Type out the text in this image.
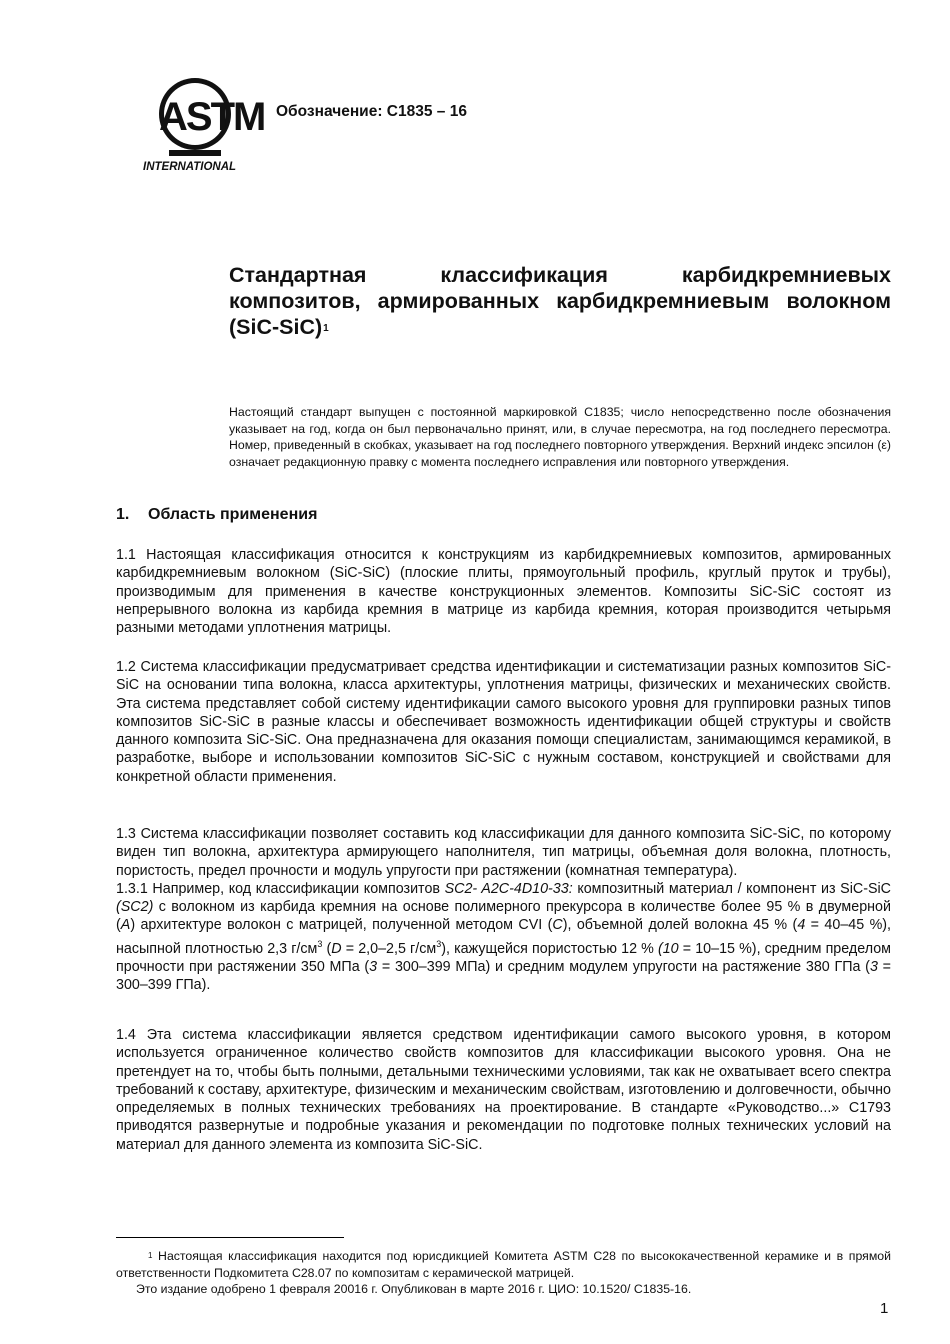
ASTM
INTERNATIONAL
Обозначение: C1835 – 16
Стандартная классификация карбидкремниевых композитов, армированных карбидкремниевым волокном $(SiC-SiC)^1$
Настоящий стандарт выпущен с постоянной маркировкой C1835; число непосредственно после обозначения указывает на год, когда он был первоначально принят, или, в случае пересмотра, на год последнего пересмотра. Номер, приведенный в скобках, указывает на год последнего повторного утверждения. Верхний индекс эпсилон (ε) означает редакционную правку с момента последнего исправления или повторного утверждения.
1. Область применения
1.1 Настоящая классификация относится к конструкциям из карбидкремниевых композитов, армированных карбидкремниевым волокном (SiC-SiC) (плоские плиты, прямоугольный профиль, круглый пруток и трубы), производимым для применения в качестве конструкционных элементов. Композиты SiC-SiC состоят из непрерывного волокна из карбида кремния в матрице из карбида кремния, которая производится четырьмя разными методами уплотнения матрицы.
1.2 Система классификации предусматривает средства идентификации и систематизации разных композитов SiC-SiC на основании типа волокна, класса архитектуры, уплотнения матрицы, физических и механических свойств. Эта система представляет собой систему идентификации самого высокого уровня для группировки разных типов композитов SiC-SiC в разные классы и обеспечивает возможность идентификации общей структуры и свойств данного композита SiC-SiC. Она предназначена для оказания помощи специалистам, занимающимся керамикой, в разработке, выборе и использовании композитов SiC-SiC с нужным составом, конструкцией и свойствами для конкретной области применения.
1.3 Система классификации позволяет составить код классификации для данного композита SiC-SiC, по которому виден тип волокна, архитектура армирующего наполнителя, тип матрицы, объемная доля волокна, плотность, пористость, предел прочности и модуль упругости при растяжении (комнатная температура).
1.3.1 Например, код классификации композитов SC2- A2C-4D10-33: композитный материал / компонент из SiC-SiC (SC2) с волокном из карбида кремния на основе полимерного прекурсора в количестве более 95 % в двумерной (A) архитектуре волокон с матрицей, полученной методом CVI (C), объемной долей волокна 45 % (4 = 40–45 %), насыпной плотностью 2,3 $г/см^3$ (D = 2,0–2,5 $г/см^3$), кажущейся пористостью 12 % (10 = 10–15 %), средним пределом прочности при растяжении 350 МПа (3 = 300–399 МПа) и средним модулем упругости на растяжение 380 ГПа (3 = 300–399 ГПа).
1.4 Эта система классификации является средством идентификации самого высокого уровня, в котором используется ограниченное количество свойств композитов для классификации высокого уровня. Она не претендует на то, чтобы быть полными, детальными техническими условиями, так как не охватывает всего спектра требований к составу, архитектуре, физическим и механическим свойствам, изготовлению и долговечности, обычно определяемых в полных технических требованиях на проектирование. В стандарте «Руководство...» C1793 приводятся развернутые и подробные указания и рекомендации по подготовке полных технических условий на материал для данного элемента из композита SiC-SiC.
$^1$ Настоящая классификация находится под юрисдикцией Комитета ASTM C28 по высококачественной керамике и в прямой ответственности Подкомитета C28.07 по композитам с керамической матрицей.
Это издание одобрено 1 февраля 20016 г. Опубликован в марте 2016 г. ЦИО: 10.1520/ C1835-16.
1
